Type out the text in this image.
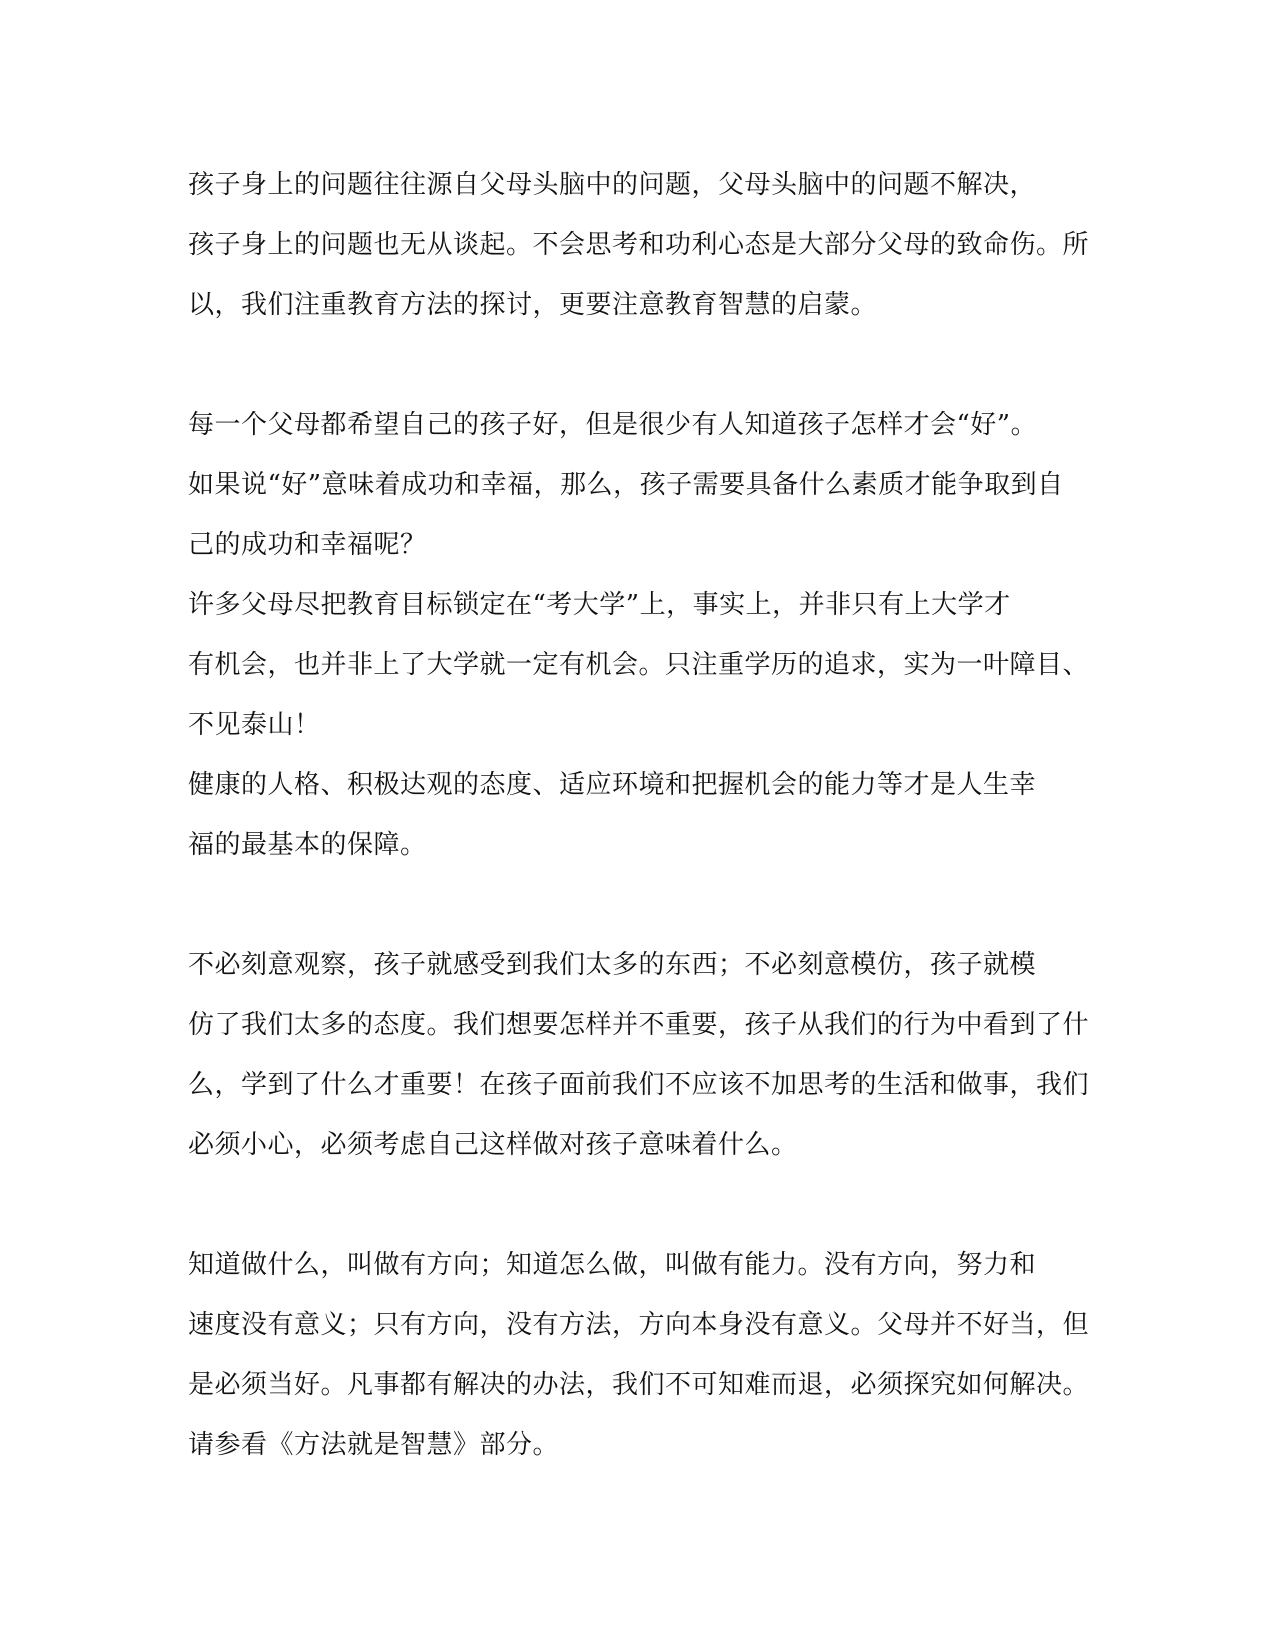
孩子身上的问题往往源自父母头脑中的问题，父母头脑中的问题不解决，
孩子身上的问题也无从谈起。不会思考和功利心态是大部分父母的致命伤。所
以，我们注重教育方法的探讨，更要注意教育智慧的启蒙。
每一个父母都希望自己的孩子好，但是很少有人知道孩子怎样才会“好”。
如果说“好”意味着成功和幸福，那么，孩子需要具备什么素质才能争取到自
己的成功和幸福呢？
许多父母尽把教育目标锁定在“考大学”上，事实上，并非只有上大学才
有机会，也并非上了大学就一定有机会。只注重学历的追求，实为一叶障目、
不见泰山！
健康的人格、积极达观的态度、适应环境和把握机会的能力等才是人生幸
福的最基本的保障。
不必刻意观察，孩子就感受到我们太多的东西；不必刻意模仿，孩子就模
仿了我们太多的态度。我们想要怎样并不重要，孩子从我们的行为中看到了什
么，学到了什么才重要！在孩子面前我们不应该不加思考的生活和做事，我们
必须小心，必须考虑自己这样做对孩子意味着什么。
知道做什么，叫做有方向；知道怎么做，叫做有能力。没有方向，努力和
速度没有意义；只有方向，没有方法，方向本身没有意义。父母并不好当，但
是必须当好。凡事都有解决的办法，我们不可知难而退，必须探究如何解决。
请参看《方法就是智慧》部分。
